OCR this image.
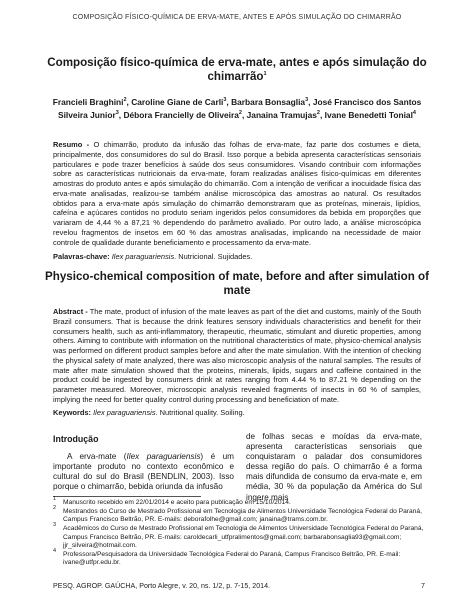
COMPOSIÇÃO FÍSICO-QUÍMICA DE ERVA-MATE, ANTES E APÓS SIMULAÇÃO DO CHIMARRÃO
Composição físico-química de erva-mate, antes e após simulação do chimarrão$^1$
Francieli Braghini$^2$, Caroline Giane de Carli$^3$, Barbara Bonsaglia$^3$, José Francisco dos Santos Silveira Junior$^3$, Débora Francielly de Oliveira$^2$, Janaina Tramujas$^2$, Ivane Benedetti Tonial$^4$
Resumo - O chimarrão, produto da infusão das folhas de erva-mate, faz parte dos costumes e dieta, principalmente, dos consumidores do sul do Brasil. Isso porque a bebida apresenta características sensoriais particulares e pode trazer benefícios à saúde dos seus consumidores. Visando contribuir com informações sobre as características nutricionais da erva-mate, foram realizadas análises físico-químicas em diferentes amostras do produto antes e após simulação do chimarrão. Com a intenção de verificar a inocuidade física das erva-mate analisadas, realizou-se também análise microscópica das amostras ao natural. Os resultados obtidos para a erva-mate após simulação do chimarrão demonstraram que as proteínas, minerais, lipídios, cafeína e açúcares contidos no produto seriam ingeridos pelos consumidores da bebida em proporções que variaram de 4,44 % a 87,21 % dependendo do parâmetro avaliado. Por outro lado, a análise microscópica revelou fragmentos de insetos em 60 % das amostras analisadas, implicando na necessidade de maior controle de qualidade durante beneficiamento e processamento da erva-mate.
Palavras-chave: Ilex paraguariensis. Nutricional. Sujidades.
Physico-chemical composition of mate, before and after simulation of mate
Abstract - The mate, product of infusion of the mate leaves as part of the diet and customs, mainly of the South Brazil consumers. That is because the drink features sensory individuals characteristics and benefit for their consumers health, such as anti-inflammatory, therapeutic, rheumatic, stimulant and diuretic properties, among others. Aiming to contribute with information on the nutritional characteristics of mate, physico-chemical analysis was performed on different product samples before and after the mate simulation. With the intention of checking the physical safety of mate analyzed, there was also microscopic analysis of the natural samples. The results of mate after mate simulation showed that the proteins, minerals, lipids, sugars and caffeine contained in the product could be ingested by consumers drink at rates ranging from 4.44 % to 87.21 % depending on the parameter measured. Moreover, microscopic analysis revealed fragments of insects in 60 % of samples, implying the need for better quality control during processing and beneficiation of mate.
Keywords: Ilex paraguariensis. Nutritional quality. Soiling.
Introdução

A erva-mate (Ilex paraguariensis) é um importante produto no contexto econômico e cultural do sul do Brasil (BENDLIN, 2003). Isso porque o chimarrão, bebida oriunda da infusão

de folhas secas e moídas da erva-mate, apresenta características sensoriais que conquistaram o paladar dos consumidores dessa região do país. O chimarrão é a forma mais difundida de consumo da erva-mate e, em média, 30 % da população da América do Sul ingere mais

1 Manuscrito recebido em 22/01/2014 e aceito para publicação em 15/10/2014.
2 Mestrandos do Curso de Mestrado Profissional em Tecnologia de Alimentos Universidade Tecnológica Federal do Paraná, Campus Francisco Beltrão, PR. E-mails: deborafolhe@gmail.com; janaina@trams.com.br.
3 Acadêmicos do Curso de Mestrado Profissional em Tecnologia de Alimentos Universidade Tecnológica Federal do Paraná, Campus Francisco Beltrão, PR. E-mails: caroldecarli_utfpralimentos@gmail.com; barbarabonsaglia93@gmail.com; jjr_silveira@hotmail.com.
4 Professora/Pesquisadora da Universidade Tecnológica Federal do Paraná, Campus Francisco Beltrão, PR. E-mail: ivane@utfpr.edu.br.
PESQ. AGROP. GAÚCHA, Porto Alegre, v. 20, ns. 1/2, p. 7-15, 2014.	7
